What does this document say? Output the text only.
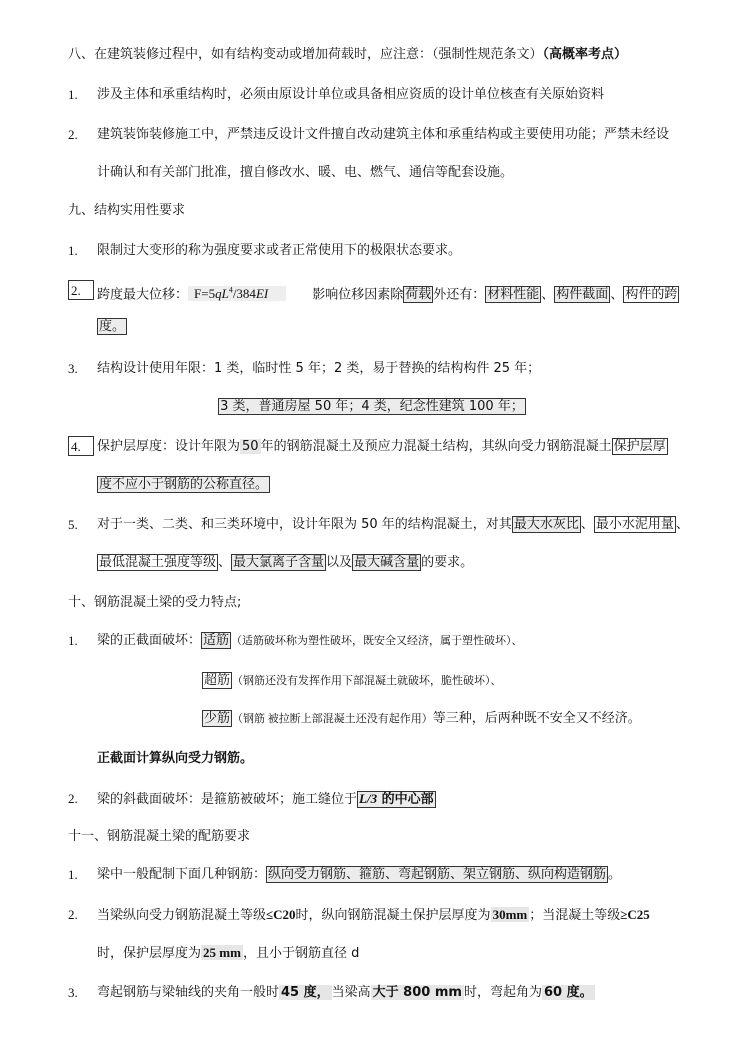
八、在建筑装修过程中，如有结构变动或增加荷载时，应注意：（强制性规范条文）（高概率考点）
1. 涉及主体和承重结构时，必须由原设计单位或具备相应资质的设计单位核查有关原始资料
2. 建筑装饰装修施工中，严禁违反设计文件擅自改动建筑主体和承重结构或主要使用功能；严禁未经设
计确认和有关部门批准，擅自修改水、暖、电、燃气、通信等配套设施。
九、结构实用性要求
1. 限制过大变形的称为强度要求或者正常使用下的极限状态要求。
2.	跨度最大位移： $F=5qL^4/384EI$	影响位移因素除 荷载 外还有： 材料性能 、 构件截面 、 构件的跨
度。
3. 结构设计使用年限：1 类，临时性 5 年；2 类，易于替换的结构构件 25 年；
3 类，普通房屋 50 年；4 类，纪念性建筑 100 年；
4.	保护层厚度：设计年限为 50 年的钢筋混凝土及预应力混凝土结构，其纵向受力钢筋混凝土 保护层厚
度不应小于钢筋的公称直径。
5. 对于一类、二类、和三类环境中，设计年限为 50 年的结构混凝土，对其 最大水灰比 、 最小水泥用量 、
最低混凝土强度等级 、 最大氯离子含量 以及 最大碱含量 的要求。
十、钢筋混凝土梁的受力特点;
1. 梁的正截面破坏： 适筋 （适筋破坏称为塑性破坏，既安全又经济，属于塑性破坏）、
超筋 （钢筋还没有发挥作用下部混凝土就破坏，脆性破坏）、
少筋 （钢筋 被拉断上部混凝土还没有起作用）等三种，后两种既不安全又不经济。
正截面计算纵向受力钢筋。
2. 梁的斜截面破坏：是箍筋被破坏；施工缝位于 L/3 的中心部
十一、钢筋混凝土梁的配筋要求
1. 梁中一般配制下面几种钢筋： 纵向受力钢筋、箍筋、弯起钢筋、架立钢筋、纵向构造钢筋 。
2. 当梁纵向受力钢筋混凝土等级≤C20时，纵向钢筋混凝土保护层厚度为 30mm ；当混凝土等级≥C25
时，保护层厚度为 25 mm ，且小于钢筋直径 d
3. 弯起钢筋与梁轴线的夹角一般时 45 度， 当梁高 大于 800 mm 时，弯起角为 60 度。
